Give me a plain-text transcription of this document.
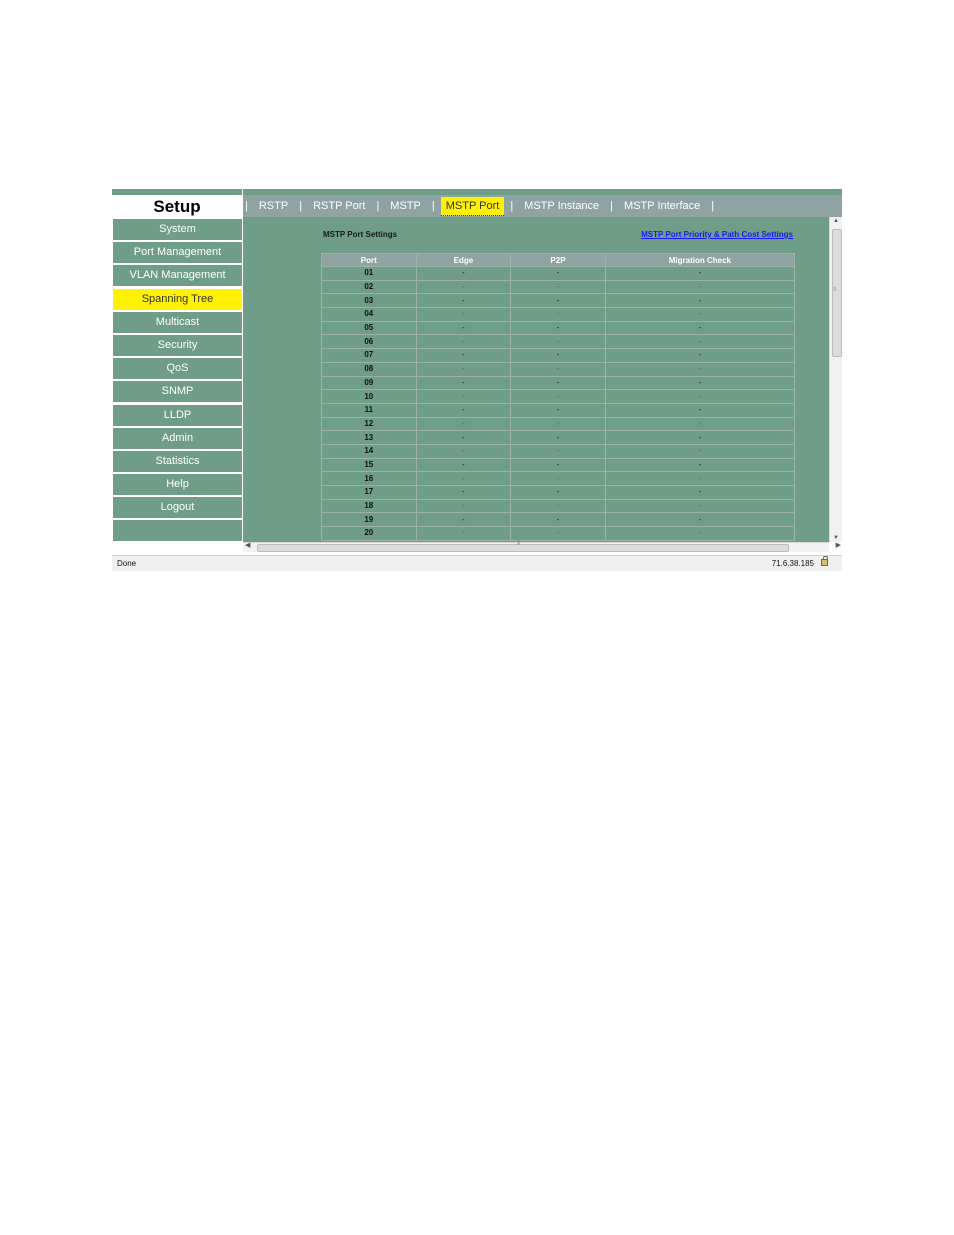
Setup
System
Port Management
VLAN Management
Spanning Tree
Multicast
Security
QoS
SNMP
LLDP
Admin
Statistics
Help
Logout
|	RSTP	|	RSTP Port	|	MSTP	|	MSTP Port	|	MSTP Instance	|	MSTP Interface	|
MSTP Port Settings	MSTP Port Priority & Path Cost Settings
Port	Edge	P2P	Migration Check
01	-	-	-
02	-	-	-
03	-	-	-
04	-	-	-
05	-	-	-
06	-	-	-
07	-	-	-
08	-	-	-
09	-	-	-
10	-	-	-
11	-	-	-
12	-	-	-
13	-	-	-
14	-	-	-
15	-	-	-
16	-	-	-
17	-	-	-
18	-	-	-
19	-	-	-
20	-	-	-
▲
≡
▼
◀	⦀	▶
Done	71.6.38.185
